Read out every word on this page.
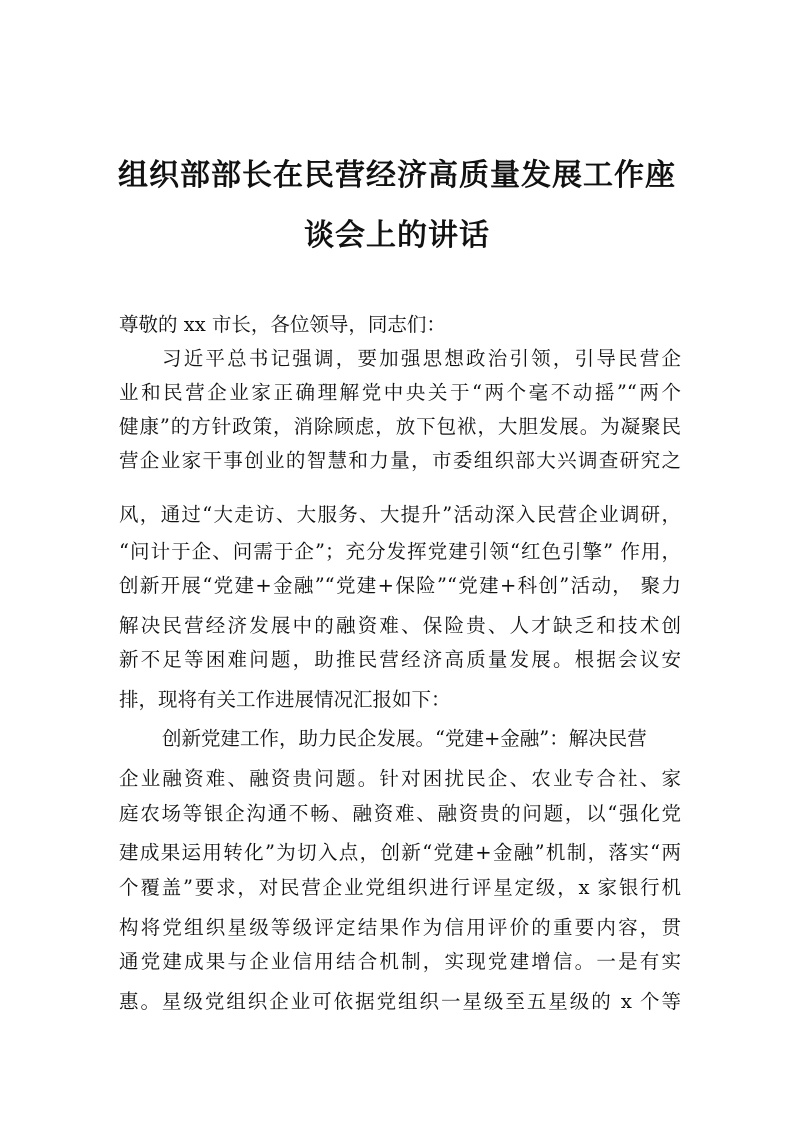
组织部部长在民营经济高质量发展工作座
谈会上的讲话
尊敬的 xx 市长，各位领导，同志们：
习近平总书记强调，要加强思想政治引领，引导民营企
业和民营企业家正确理解党中央关于“两个毫不动摇”“两个
健康”的方针政策，消除顾虑，放下包袱，大胆发展。为凝聚民
营企业家干事创业的智慧和力量，市委组织部大兴调查研究之
风，通过“大走访、大服务、大提升”活动深入民营企业调研，
“问计于企、问需于企”；充分发挥党建引领“红色引擎” 作用，
创新开展“党建+金融”“党建+保险”“党建+科创”活动， 聚力
解决民营经济发展中的融资难、保险贵、人才缺乏和技术创
新不足等困难问题，助推民营经济高质量发展。根据会议安
排，现将有关工作进展情况汇报如下：
创新党建工作，助力民企发展。“党建+金融”：解决民营
企业融资难、融资贵问题。针对困扰民企、农业专合社、家
庭农场等银企沟通不畅、融资难、融资贵的问题，以“强化党
建成果运用转化”为切入点，创新“党建+金融”机制，落实“两
个覆盖”要求，对民营企业党组织进行评星定级，x 家银行机
构将党组织星级等级评定结果作为信用评价的重要内容，贯
通党建成果与企业信用结合机制，实现党建增信。一是有实
惠。星级党组织企业可依据党组织一星级至五星级的 x 个等
